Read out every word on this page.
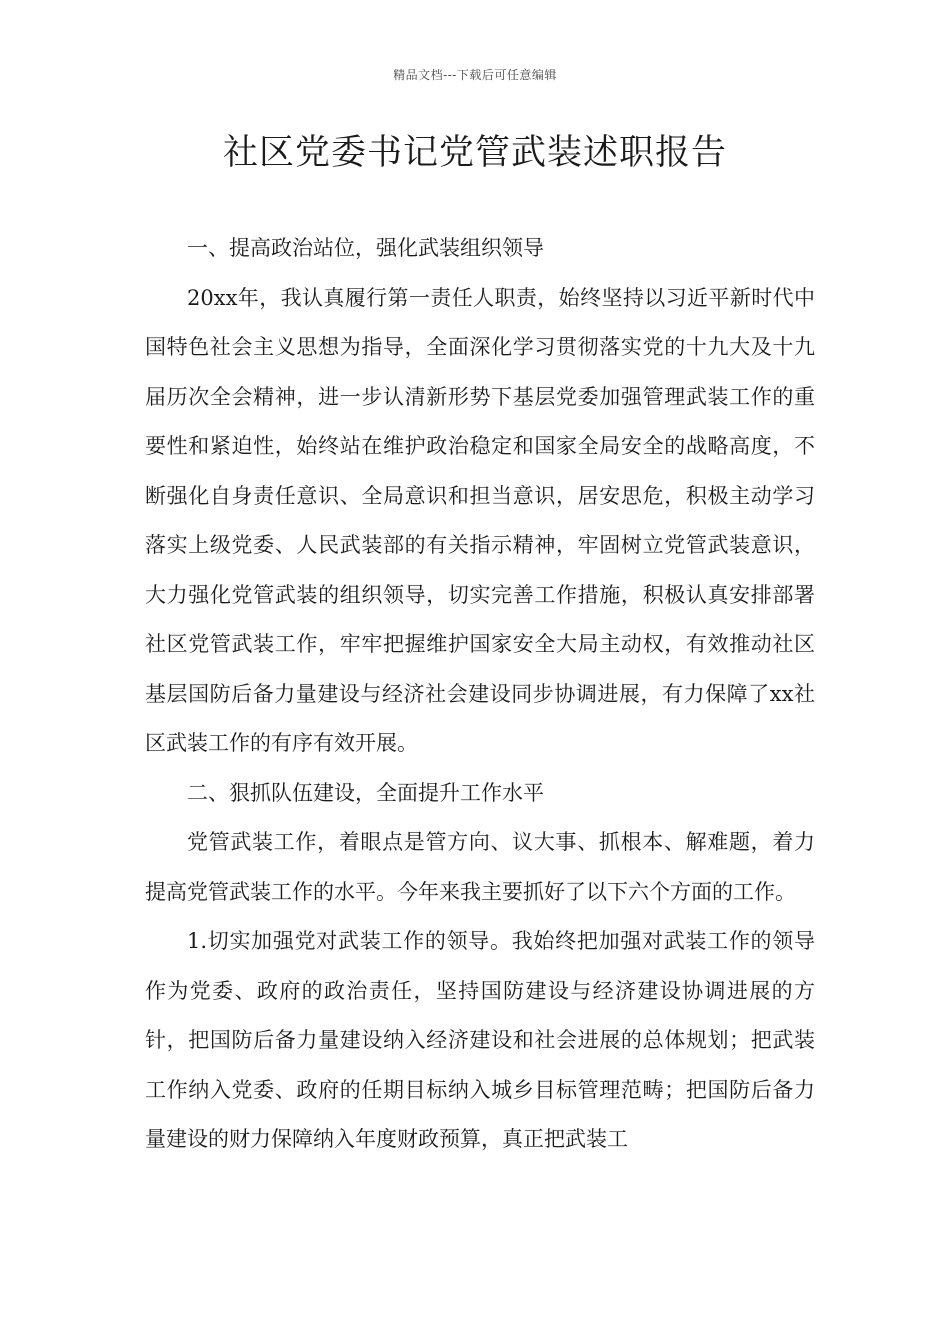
精品文档---下载后可任意编辑
社区党委书记党管武装述职报告

一、提高政治站位，强化武装组织领导

20xx年，我认真履行第一责任人职责，始终坚持以习近平新时代中国特色社会主义思想为指导，全面深化学习贯彻落实党的十九大及十九届历次全会精神，进一步认清新形势下基层党委加强管理武装工作的重要性和紧迫性，始终站在维护政治稳定和国家全局安全的战略高度，不断强化自身责任意识、全局意识和担当意识，居安思危，积极主动学习落实上级党委、人民武装部的有关指示精神，牢固树立党管武装意识，大力强化党管武装的组织领导，切实完善工作措施，积极认真安排部署社区党管武装工作，牢牢把握维护国家安全大局主动权，有效推动社区基层国防后备力量建设与经济社会建设同步协调进展，有力保障了xx社区武装工作的有序有效开展。

二、狠抓队伍建设，全面提升工作水平

党管武装工作，着眼点是管方向、议大事、抓根本、解难题，着力提高党管武装工作的水平。今年来我主要抓好了以下六个方面的工作。

1.切实加强党对武装工作的领导。我始终把加强对武装工作的领导作为党委、政府的政治责任，坚持国防建设与经济建设协调进展的方针，把国防后备力量建设纳入经济建设和社会进展的总体规划；把武装工作纳入党委、政府的任期目标纳入城乡目标管理范畴；把国防后备力量建设的财力保障纳入年度财政预算，真正把武装工
